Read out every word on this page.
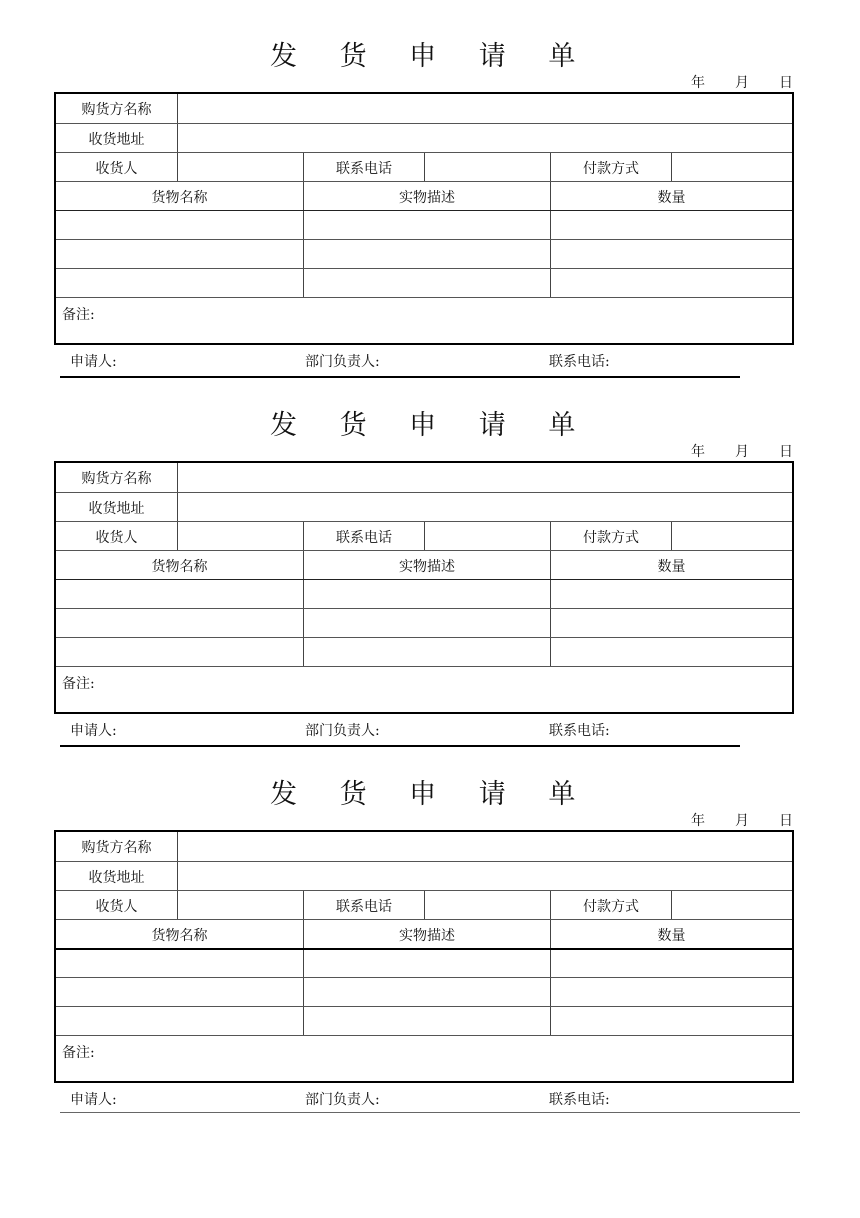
发 货 申 请 单
年 月 日
购货方名称
收货地址
收货人	联系电话	付款方式
货物名称	实物描述	数量
备注:
申请人:	部门负责人:	联系电话:
发 货 申 请 单
年 月 日
购货方名称
收货地址
收货人	联系电话	付款方式
货物名称	实物描述	数量
备注:
申请人:	部门负责人:	联系电话:
发 货 申 请 单
年 月 日
购货方名称
收货地址
收货人	联系电话	付款方式
货物名称	实物描述	数量
备注:
申请人:	部门负责人:	联系电话:
